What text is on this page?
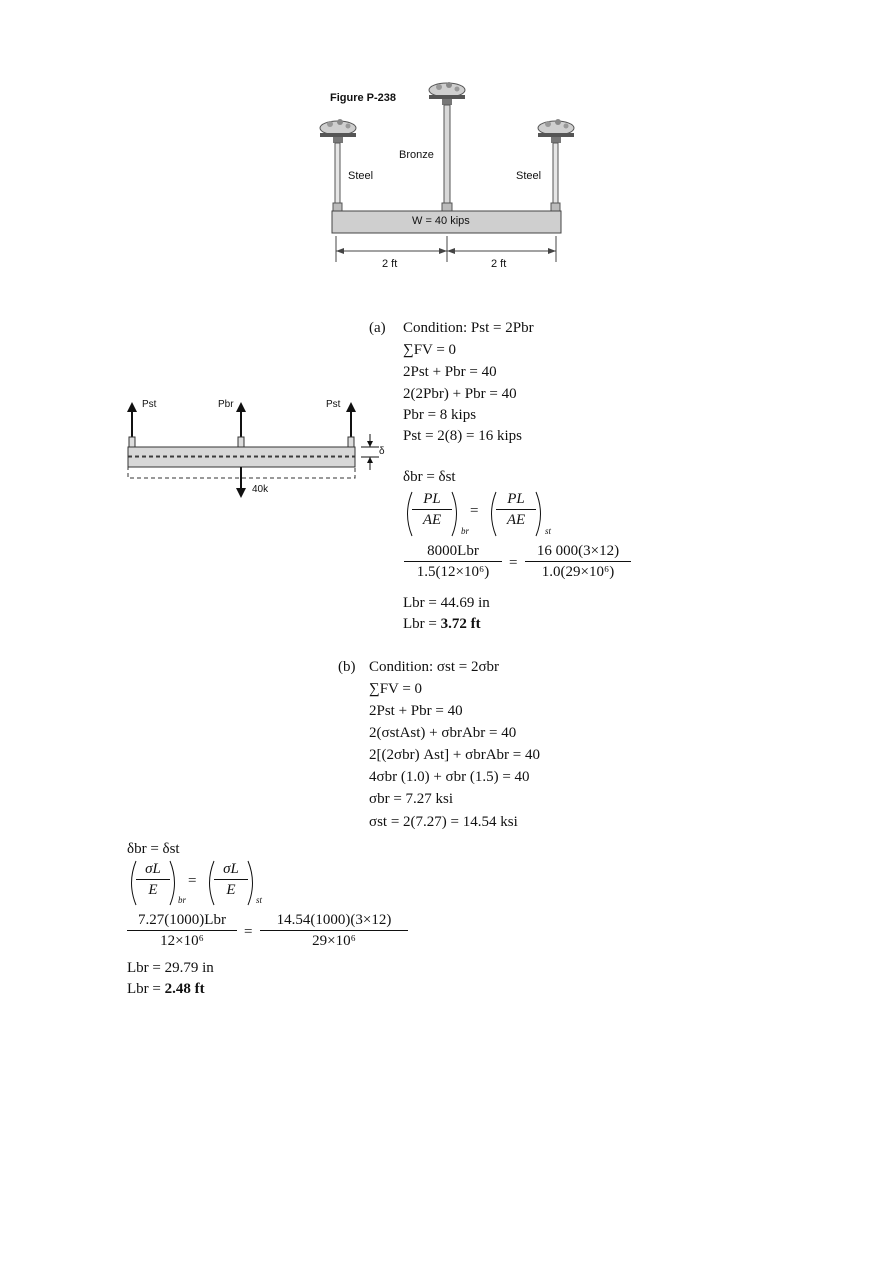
Figure P-238
Bronze
Steel	Steel
W = 40 kips
2 ft	2 ft
Pst	Pbr	Pst
δ
40k
(a) Condition: Pst = 2Pbr
∑FV = 0
2Pst + Pbr = 40
2(2Pbr) + Pbr = 40
Pbr = 8 kips
Pst = 2(8) = 16 kips
δbr = δst
$\frac{PL}{AE}$
br
= $\frac{PL}{AE}$
st
8000Lbr
1.5(12×10⁶)
= $\frac{16 000(3\times 12)}{\text{1.0(29×10⁶)}}$
Lbr = 44.69 in
Lbr = 3.72 ft
(b) Condition: σst = 2σbr
∑FV = 0
2Pst + Pbr = 40
2(σstAst) + σbrAbr = 40
2[(2σbr) Ast] + σbrAbr = 40
4σbr (1.0) + σbr (1.5) = 40
σbr = 7.27 ksi
σst = 2(7.27) = 14.54 ksi
δbr = δst
$\frac{\sigma L}{E}$
br
= $\frac{\sigma L}{E}$
st
7.27(1000)Lbr
12×10⁶
= $\frac{14.54(1000)(3\times 12)}{\text{29×10⁶}}$
Lbr = 29.79 in
Lbr = 2.48 ft
